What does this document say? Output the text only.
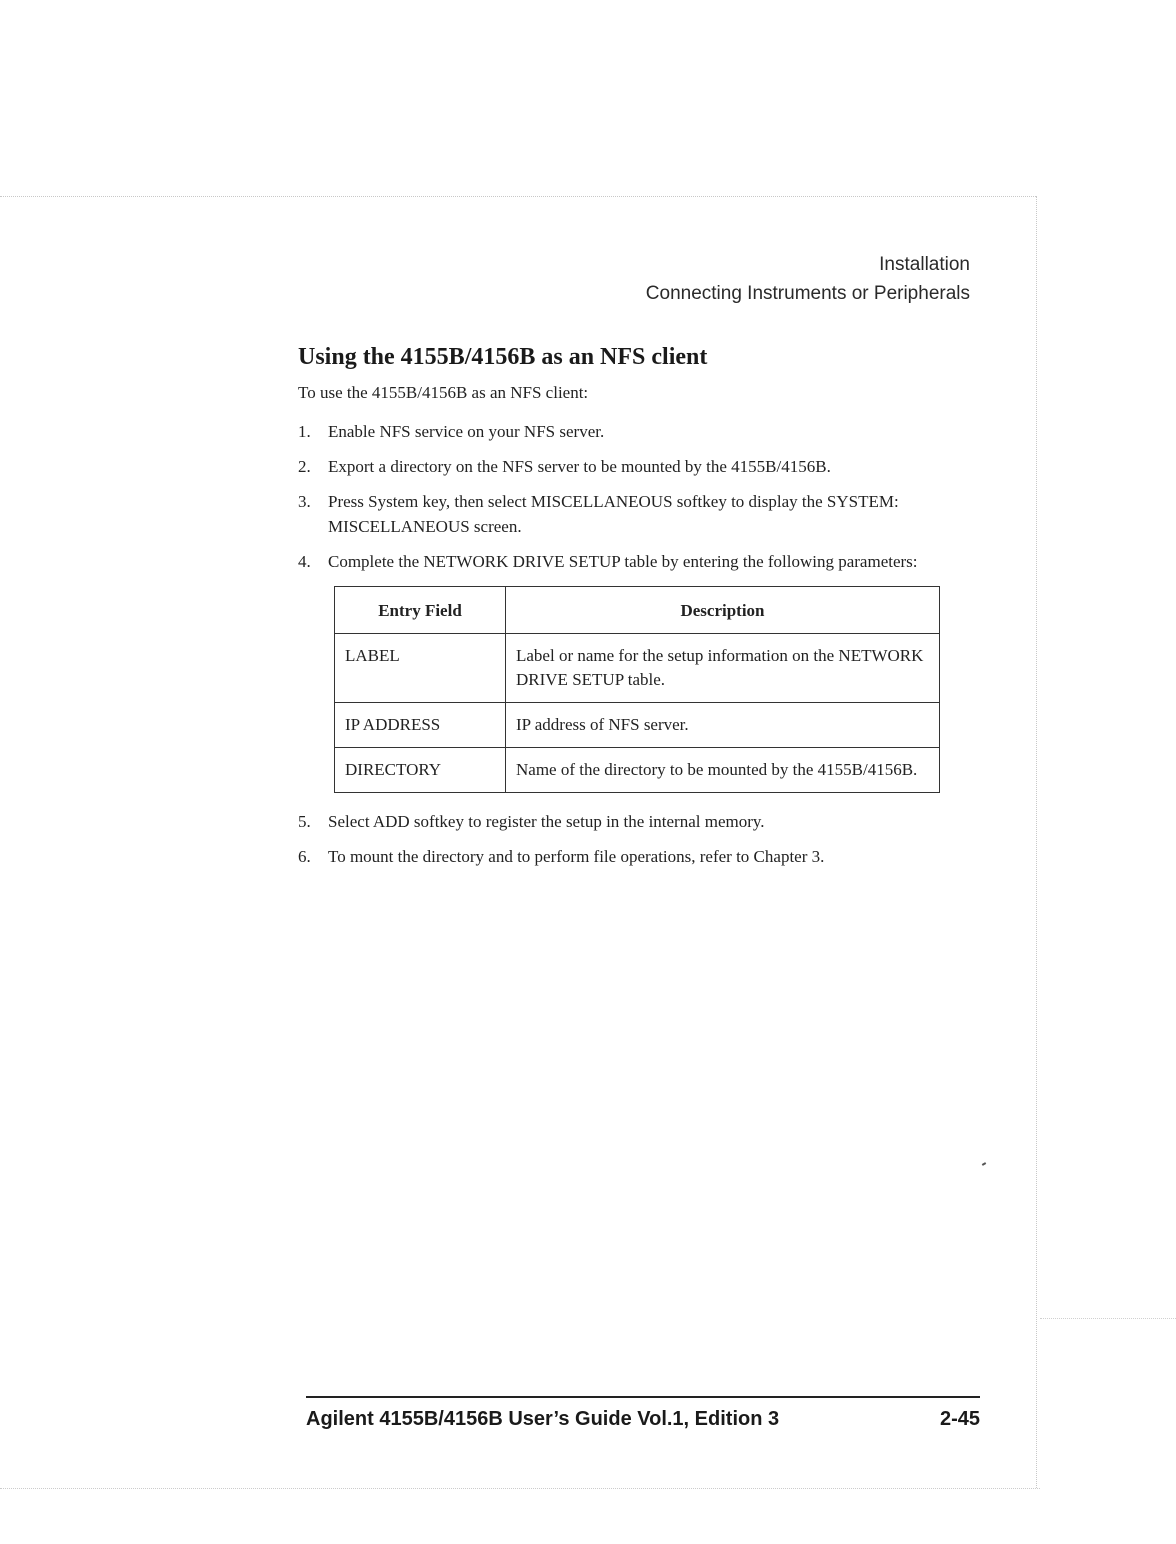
Installation
Connecting Instruments or Peripherals
Using the 4155B/4156B as an NFS client

To use the 4155B/4156B as an NFS client:

1. Enable NFS service on your NFS server.
2. Export a directory on the NFS server to be mounted by the 4155B/4156B.
3. Press System key, then select MISCELLANEOUS softkey to display the SYSTEM: MISCELLANEOUS screen.
4. Complete the NETWORK DRIVE SETUP table by entering the following parameters:
Entry Field	Description
LABEL	Label or name for the setup information on the NETWORK DRIVE SETUP table.
IP ADDRESS	IP address of NFS server.
DIRECTORY	Name of the directory to be mounted by the 4155B/4156B.
5. Select ADD softkey to register the setup in the internal memory.
6. To mount the directory and to perform file operations, refer to Chapter 3.
Agilent 4155B/4156B User’s Guide Vol.1, Edition 3	2-45
